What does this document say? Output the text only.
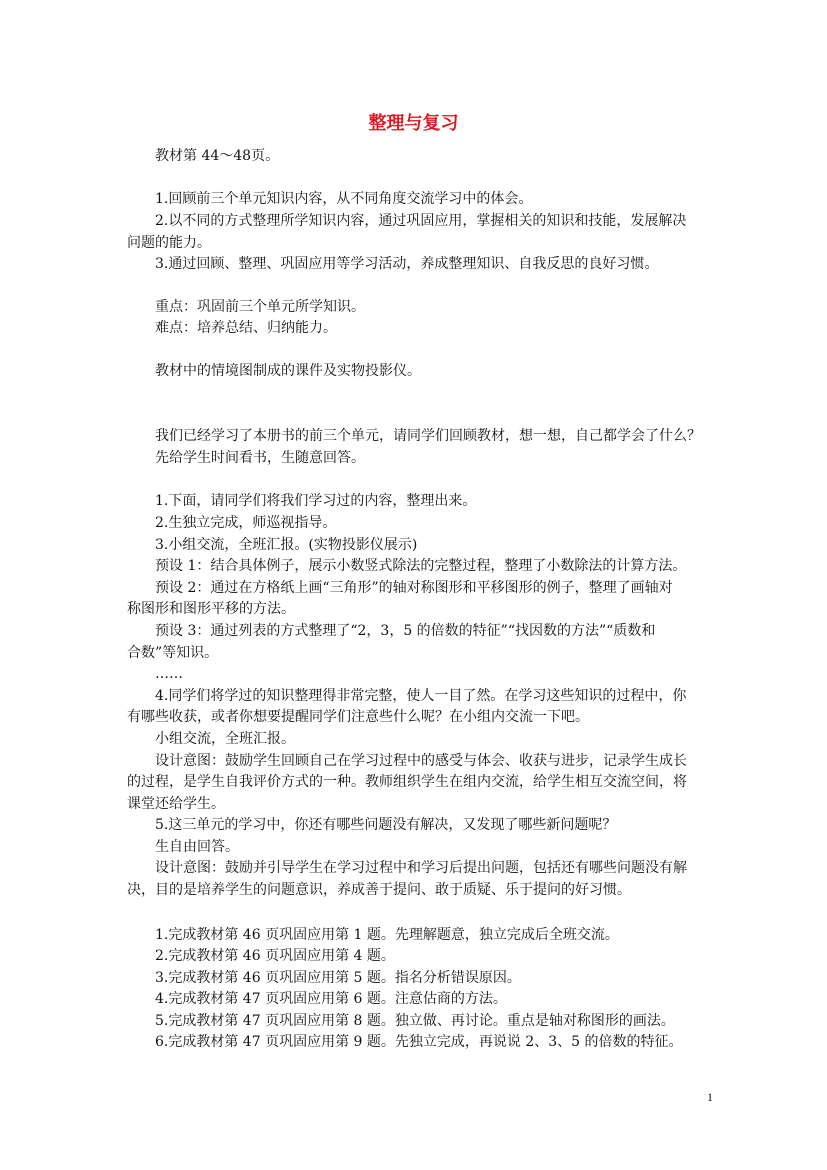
整理与复习
教材第 44～48页。
1.回顾前三个单元知识内容，从不同角度交流学习中的体会。
2.以不同的方式整理所学知识内容，通过巩固应用，掌握相关的知识和技能，发展解决
问题的能力。
3.通过回顾、整理、巩固应用等学习活动，养成整理知识、自我反思的良好习惯。
重点：巩固前三个单元所学知识。
难点：培养总结、归纳能力。
教材中的情境图制成的课件及实物投影仪。
我们已经学习了本册书的前三个单元，请同学们回顾教材，想一想，自己都学会了什么？
先给学生时间看书，生随意回答。
1.下面，请同学们将我们学习过的内容，整理出来。
2.生独立完成，师巡视指导。
3.小组交流，全班汇报。(实物投影仪展示)
预设 1：结合具体例子，展示小数竖式除法的完整过程，整理了小数除法的计算方法。
预设 2：通过在方格纸上画“三角形”的轴对称图形和平移图形的例子，整理了画轴对
称图形和图形平移的方法。
预设 3：通过列表的方式整理了“2，3，5 的倍数的特征”“找因数的方法”“质数和
合数”等知识。
……
4.同学们将学过的知识整理得非常完整，使人一目了然。在学习这些知识的过程中，你
有哪些收获，或者你想要提醒同学们注意些什么呢？在小组内交流一下吧。
小组交流，全班汇报。
设计意图：鼓励学生回顾自己在学习过程中的感受与体会、收获与进步，记录学生成长
的过程，是学生自我评价方式的一种。教师组织学生在组内交流，给学生相互交流空间，将
课堂还给学生。
5.这三单元的学习中，你还有哪些问题没有解决，又发现了哪些新问题呢？
生自由回答。
设计意图：鼓励并引导学生在学习过程中和学习后提出问题，包括还有哪些问题没有解
决，目的是培养学生的问题意识，养成善于提问、敢于质疑、乐于提问的好习惯。
1.完成教材第 46 页巩固应用第 1 题。先理解题意，独立完成后全班交流。
2.完成教材第 46 页巩固应用第 4 题。
3.完成教材第 46 页巩固应用第 5 题。指名分析错误原因。
4.完成教材第 47 页巩固应用第 6 题。注意估商的方法。
5.完成教材第 47 页巩固应用第 8 题。独立做、再讨论。重点是轴对称图形的画法。
6.完成教材第 47 页巩固应用第 9 题。先独立完成，再说说 2、3、5 的倍数的特征。
1
